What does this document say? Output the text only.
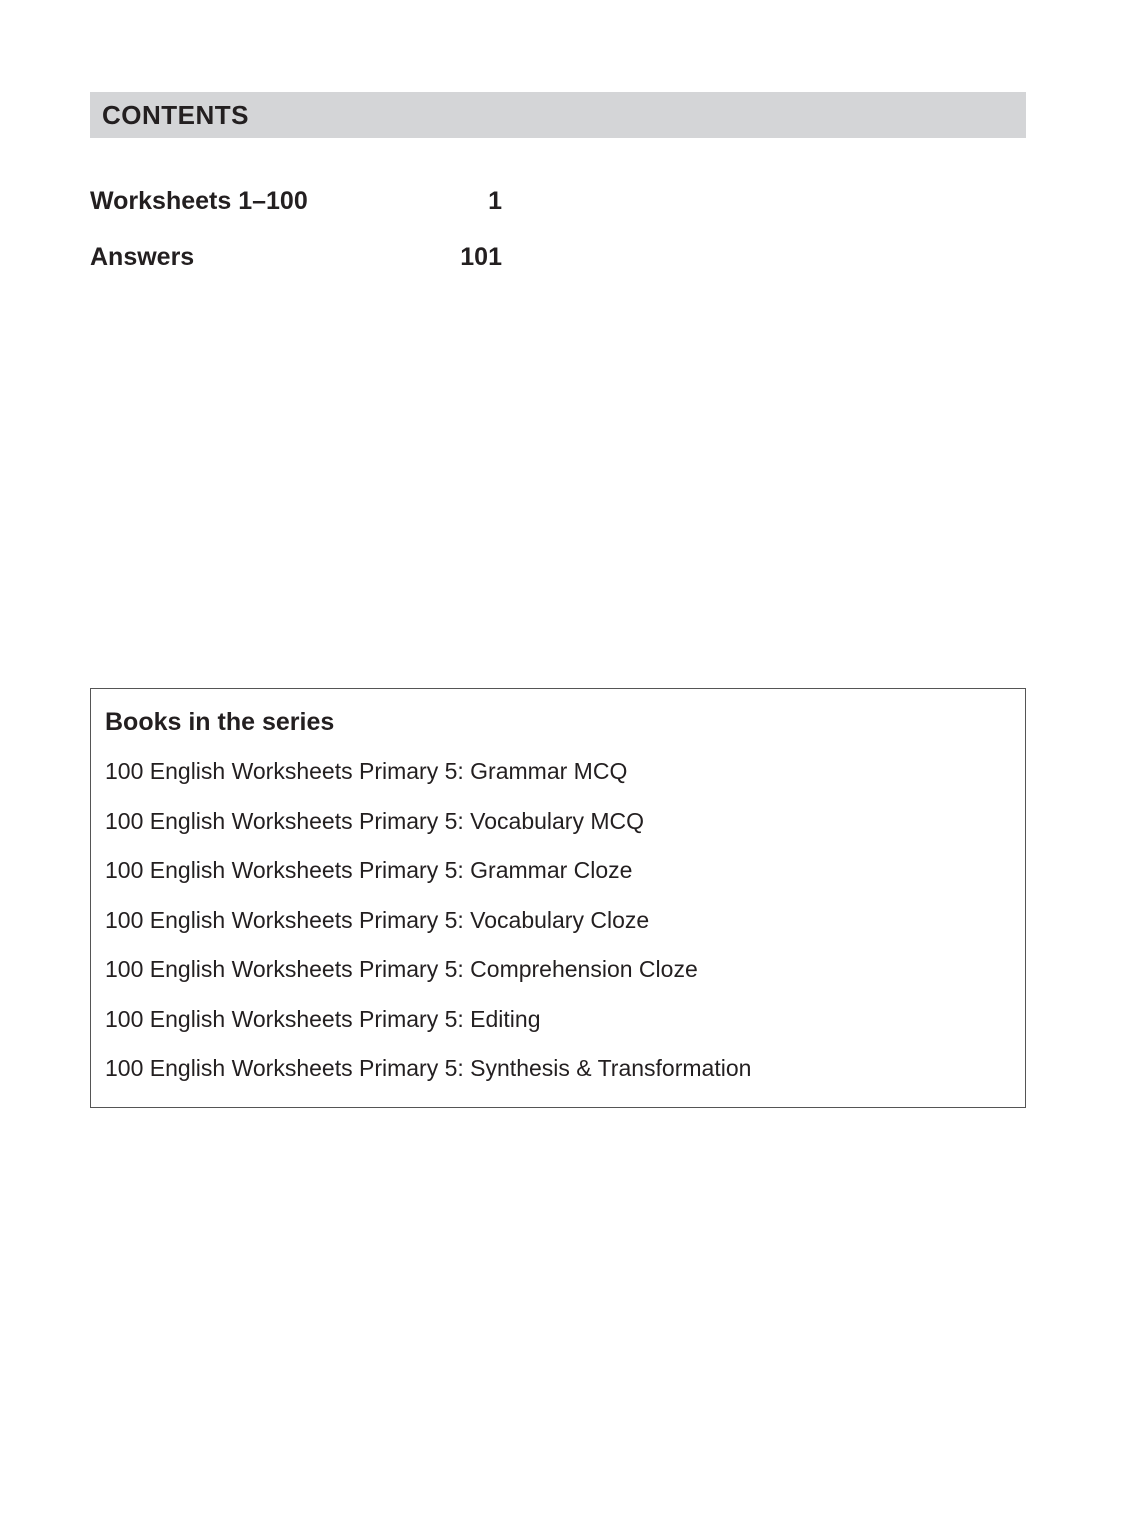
CONTENTS
Worksheets 1–100	1
Answers	101
Books in the series
100 English Worksheets Primary 5: Grammar MCQ
100 English Worksheets Primary 5: Vocabulary MCQ
100 English Worksheets Primary 5: Grammar Cloze
100 English Worksheets Primary 5: Vocabulary Cloze
100 English Worksheets Primary 5: Comprehension Cloze
100 English Worksheets Primary 5: Editing
100 English Worksheets Primary 5: Synthesis & Transformation
